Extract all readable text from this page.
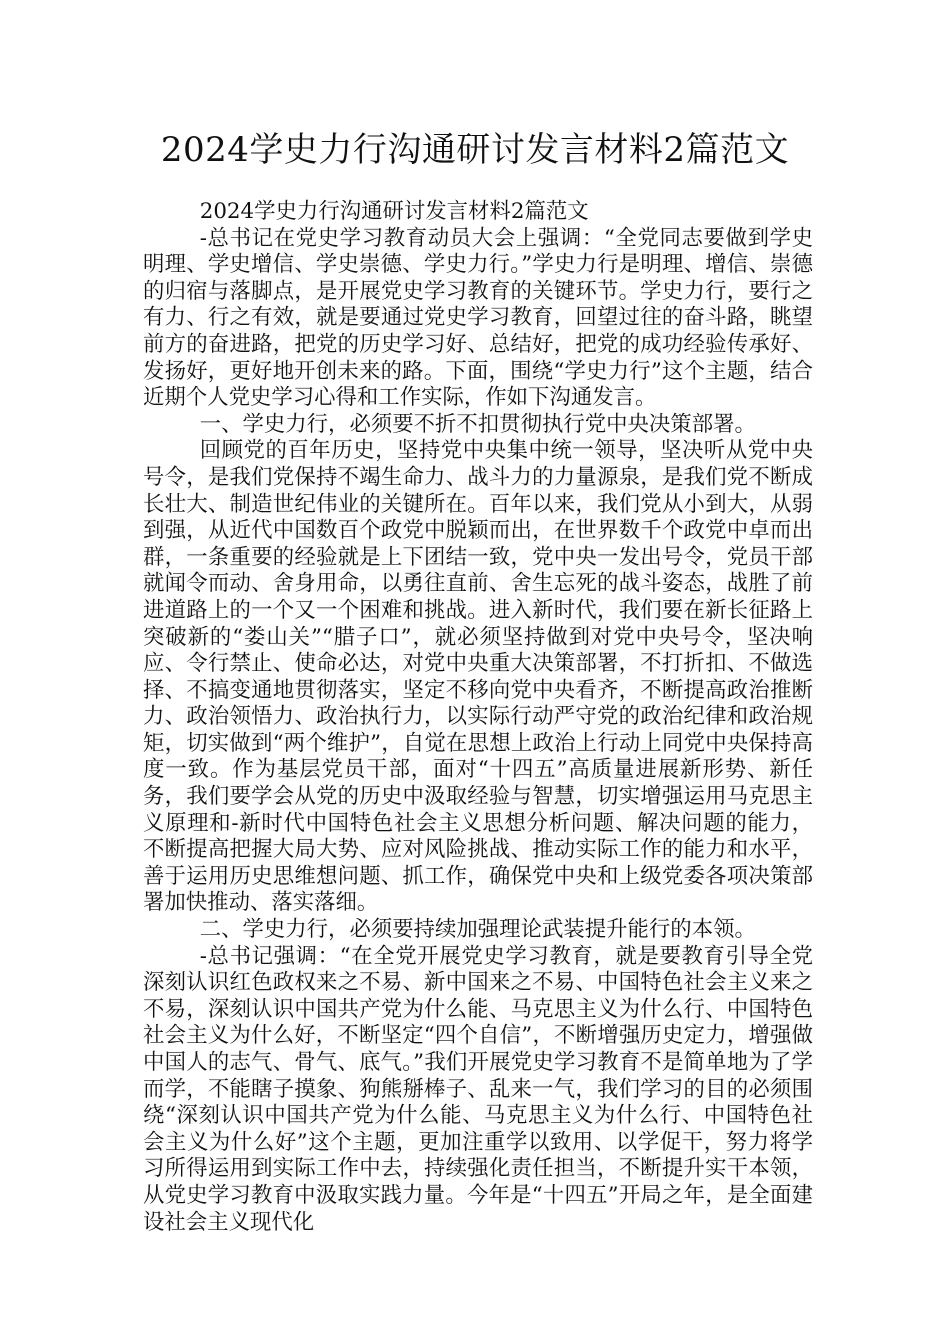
2024学史力行沟通研讨发言材料2篇范文

2024学史力行沟通研讨发言材料2篇范文

-总书记在党史学习教育动员大会上强调：“全党同志要做到学史明理、学史增信、学史崇德、学史力行。”学史力行是明理、增信、崇德的归宿与落脚点，是开展党史学习教育的关键环节。学史力行，要行之有力、行之有效，就是要通过党史学习教育，回望过往的奋斗路，眺望前方的奋进路，把党的历史学习好、总结好，把党的成功经验传承好、发扬好，更好地开创未来的路。下面，围绕“学史力行”这个主题，结合近期个人党史学习心得和工作实际，作如下沟通发言。

一、学史力行，必须要不折不扣贯彻执行党中央决策部署。

回顾党的百年历史，坚持党中央集中统一领导，坚决听从党中央号令，是我们党保持不竭生命力、战斗力的力量源泉，是我们党不断成长壮大、制造世纪伟业的关键所在。百年以来，我们党从小到大，从弱到强，从近代中国数百个政党中脱颖而出，在世界数千个政党中卓而出群，一条重要的经验就是上下团结一致，党中央一发出号令，党员干部就闻令而动、舍身用命，以勇往直前、舍生忘死的战斗姿态，战胜了前进道路上的一个又一个困难和挑战。进入新时代，我们要在新长征路上突破新的“娄山关”“腊子口”，就必须坚持做到对党中央号令，坚决响应、令行禁止、使命必达，对党中央重大决策部署，不打折扣、不做选择、不搞变通地贯彻落实，坚定不移向党中央看齐，不断提高政治推断力、政治领悟力、政治执行力，以实际行动严守党的政治纪律和政治规矩，切实做到“两个维护”，自觉在思想上政治上行动上同党中央保持高度一致。作为基层党员干部，面对“十四五”高质量进展新形势、新任务，我们要学会从党的历史中汲取经验与智慧，切实增强运用马克思主义原理和-新时代中国特色社会主义思想分析问题、解决问题的能力，不断提高把握大局大势、应对风险挑战、推动实际工作的能力和水平，善于运用历史思维想问题、抓工作，确保党中央和上级党委各项决策部署加快推动、落实落细。

二、学史力行，必须要持续加强理论武装提升能行的本领。

-总书记强调：“在全党开展党史学习教育，就是要教育引导全党深刻认识红色政权来之不易、新中国来之不易、中国特色社会主义来之不易，深刻认识中国共产党为什么能、马克思主义为什么行、中国特色社会主义为什么好，不断坚定“四个自信”，不断增强历史定力，增强做中国人的志气、骨气、底气。”我们开展党史学习教育不是简单地为了学而学，不能瞎子摸象、狗熊掰棒子、乱来一气，我们学习的目的必须围绕“深刻认识中国共产党为什么能、马克思主义为什么行、中国特色社会主义为什么好”这个主题，更加注重学以致用、以学促干，努力将学习所得运用到实际工作中去，持续强化责任担当，不断提升实干本领，从党史学习教育中汲取实践力量。今年是“十四五”开局之年，是全面建设社会主义现代化
